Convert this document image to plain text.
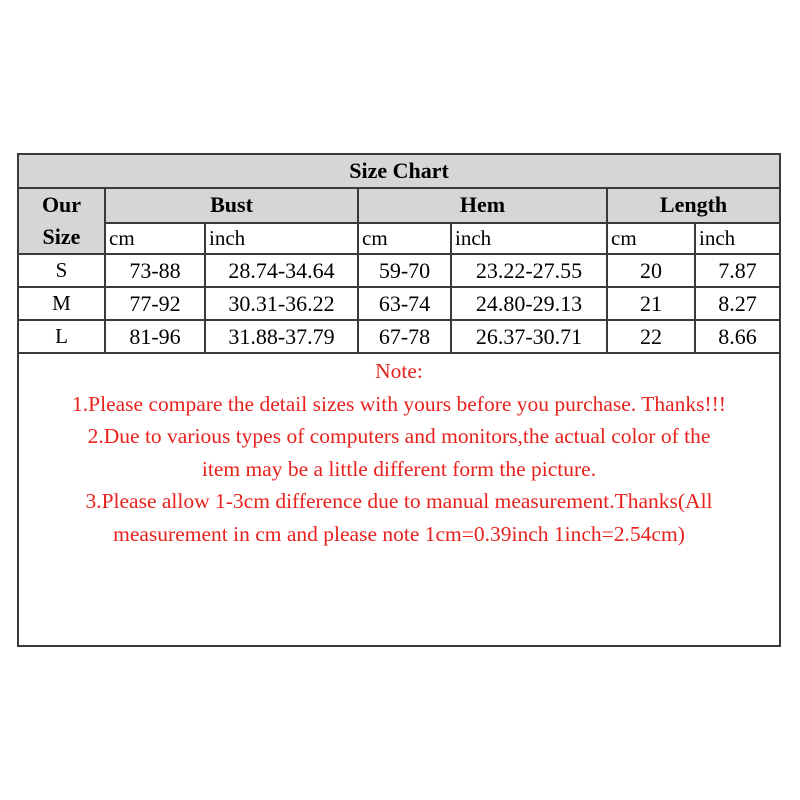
Size Chart						

Our
Size	Bust		Hem		Length	
	cm	inch	cm	inch	cm	inch
S	73-88	28.74-34.64	59-70	23.22-27.55	20	7.87
M	77-92	30.31-36.22	63-74	24.80-29.13	21	8.27
L	81-96	31.88-37.79	67-78	26.37-30.71	22	8.66
Note:
1.Please compare the detail sizes with yours before you purchase. Thanks!!!
2.Due to various types of computers and monitors,the actual color of the
item may be a little different form the picture.
3.Please allow 1-3cm difference due to manual measurement.Thanks(All
measurement in cm and please note 1cm=0.39inch 1inch=2.54cm)
